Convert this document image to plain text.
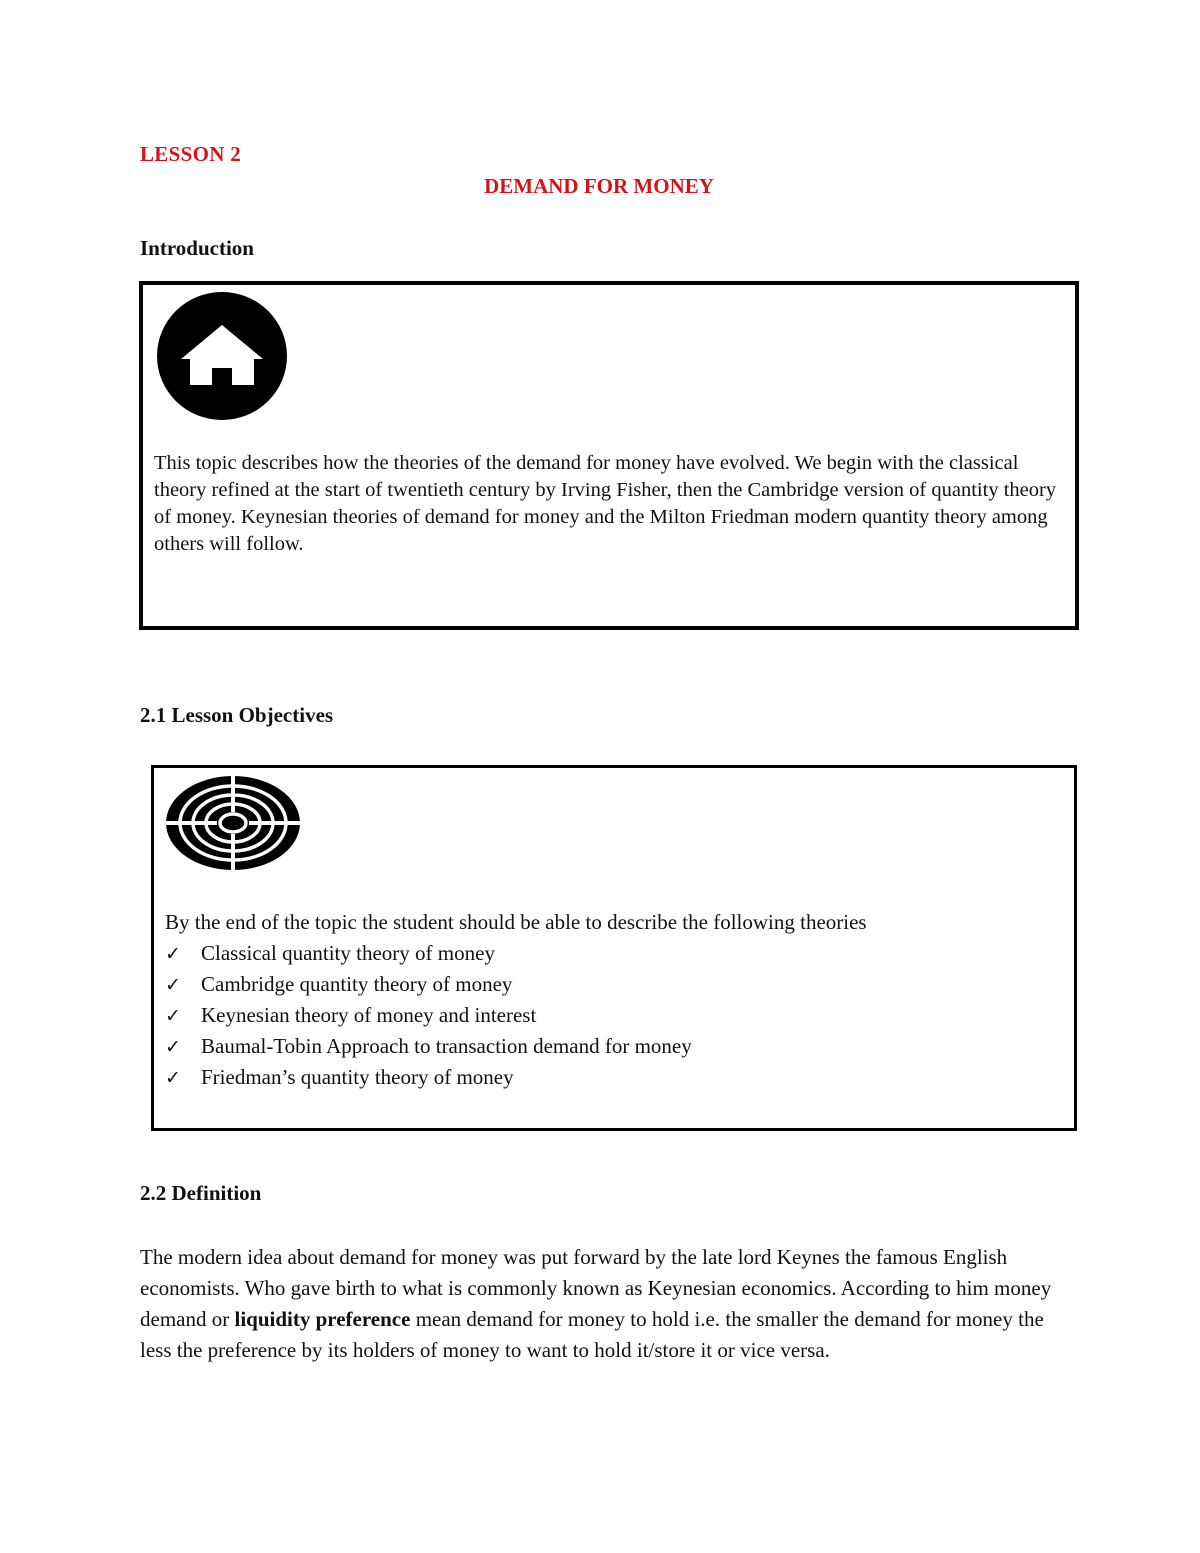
LESSON 2
DEMAND FOR MONEY
Introduction
This topic describes how the theories of the demand for money have evolved. We begin with the classical theory refined at the start of twentieth century by Irving Fisher, then the Cambridge version of quantity theory of money. Keynesian theories of demand for money and the Milton Friedman modern quantity theory among others will follow.
2.1 Lesson Objectives
By the end of the topic the student should be able to describe the following theories
✓ Classical quantity theory of money
✓ Cambridge quantity theory of money
✓ Keynesian theory of money and interest
✓ Baumal-Tobin Approach to transaction demand for money
✓ Friedman’s quantity theory of money
2.2 Definition

The modern idea about demand for money was put forward by the late lord Keynes the famous English economists. Who gave birth to what is commonly known as Keynesian economics. According to him money demand or liquidity preference mean demand for money to hold i.e. the smaller the demand for money the less the preference by its holders of money to want to hold it/store it or vice versa.
